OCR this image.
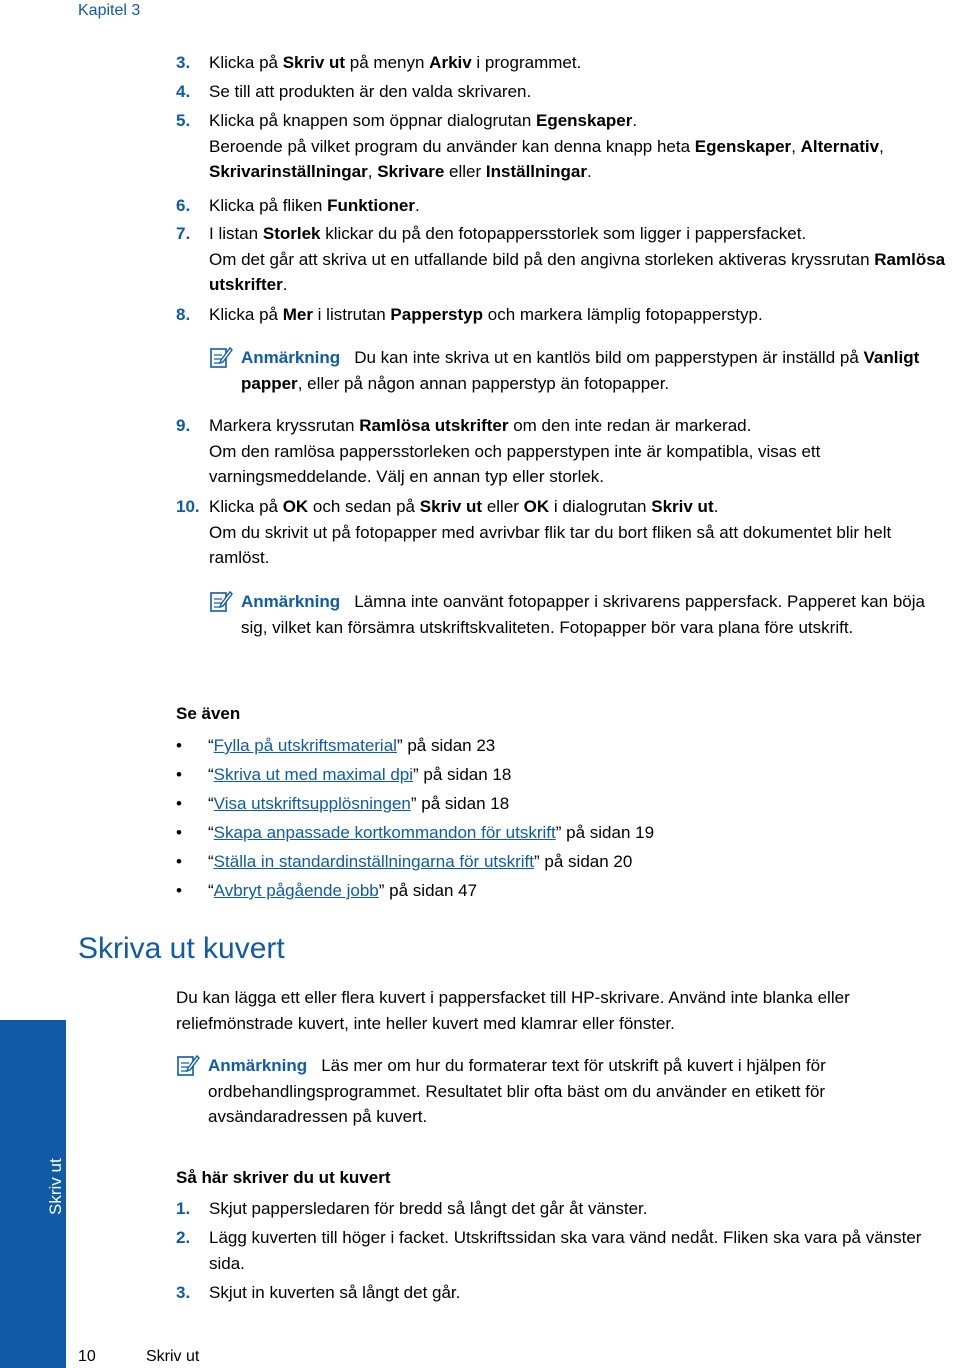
Kapitel 3
3. Klicka på Skriv ut på menyn Arkiv i programmet.
4. Se till att produkten är den valda skrivaren.
5. Klicka på knappen som öppnar dialogrutan Egenskaper.
Beroende på vilket program du använder kan denna knapp heta Egenskaper, Alternativ, Skrivarinställningar, Skrivare eller Inställningar.
6. Klicka på fliken Funktioner.
7. I listan Storlek klickar du på den fotopappersstorlek som ligger i pappersfacket.
Om det går att skriva ut en utfallande bild på den angivna storleken aktiveras kryssrutan Ramlösa utskrifter.
8. Klicka på Mer i listrutan Papperstyp och markera lämplig fotopapperstyp.
Anmärkning Du kan inte skriva ut en kantlös bild om papperstypen är inställd på Vanligt papper, eller på någon annan papperstyp än fotopapper.
9. Markera kryssrutan Ramlösa utskrifter om den inte redan är markerad.
Om den ramlösa pappersstorleken och papperstypen inte är kompatibla, visas ett varningsmeddelande. Välj en annan typ eller storlek.
10. Klicka på OK och sedan på Skriv ut eller OK i dialogrutan Skriv ut.
Om du skrivit ut på fotopapper med avrivbar flik tar du bort fliken så att dokumentet blir helt ramlöst.
Anmärkning Lämna inte oanvänt fotopapper i skrivarens pappersfack. Papperet kan böja sig, vilket kan försämra utskriftskvaliteten. Fotopapper bör vara plana före utskrift.
Se även
• “Fylla på utskriftsmaterial” på sidan 23
• “Skriva ut med maximal dpi” på sidan 18
• “Visa utskriftsupplösningen” på sidan 18
• “Skapa anpassade kortkommandon för utskrift” på sidan 19
• “Ställa in standardinställningarna för utskrift” på sidan 20
• “Avbryt pågående jobb” på sidan 47
Skriva ut kuvert
Du kan lägga ett eller flera kuvert i pappersfacket till HP-skrivare. Använd inte blanka eller reliefmönstrade kuvert, inte heller kuvert med klamrar eller fönster.
Anmärkning Läs mer om hur du formaterar text för utskrift på kuvert i hjälpen för ordbehandlingsprogrammet. Resultatet blir ofta bäst om du använder en etikett för avsändaradressen på kuvert.
Så här skriver du ut kuvert
1. Skjut pappersledaren för bredd så långt det går åt vänster.
2. Lägg kuverten till höger i facket. Utskriftssidan ska vara vänd nedåt. Fliken ska vara på vänster sida.
3. Skjut in kuverten så långt det går.
Skriv ut
10	Skriv ut
